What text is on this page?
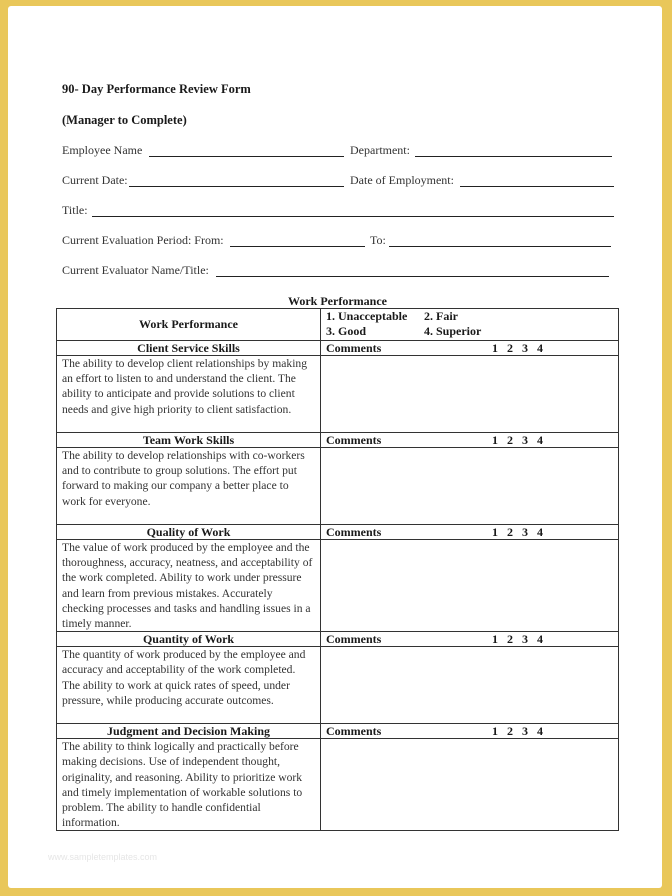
90- Day Performance Review Form
(Manager to Complete)
Employee Name	Department:
Current Date:	Date of Employment:
Title:
Current Evaluation Period: From:	To:
Current Evaluator Name/Title:
Work Performance
Work Performance	1. Unacceptable 2. Fair
3. Good 4. Superior

Client Service Skills	Comments 1 2 3 4

The ability to develop client relationships by making an effort to listen to and understand the client. The ability to anticipate and provide solutions to client needs and give high priority to client satisfaction.	
Team Work Skills	Comments 1 2 3 4

The ability to develop relationships with co-workers and to contribute to group solutions. The effort put forward to making our company a better place to work for everyone.	
Quality of Work	Comments 1 2 3 4

The value of work produced by the employee and the thoroughness, accuracy, neatness, and acceptability of the work completed. Ability to work under pressure and learn from previous mistakes. Accurately checking processes and tasks and handling issues in a timely manner.	
Quantity of Work	Comments 1 2 3 4

The quantity of work produced by the employee and accuracy and acceptability of the work completed. The ability to work at quick rates of speed, under pressure, while producing accurate outcomes.	
Judgment and Decision Making	Comments 1 2 3 4

The ability to think logically and practically before making decisions. Use of independent thought, originality, and reasoning. Ability to prioritize work and timely implementation of workable solutions to problem. The ability to handle confidential information.	
www.sampletemplates.com
